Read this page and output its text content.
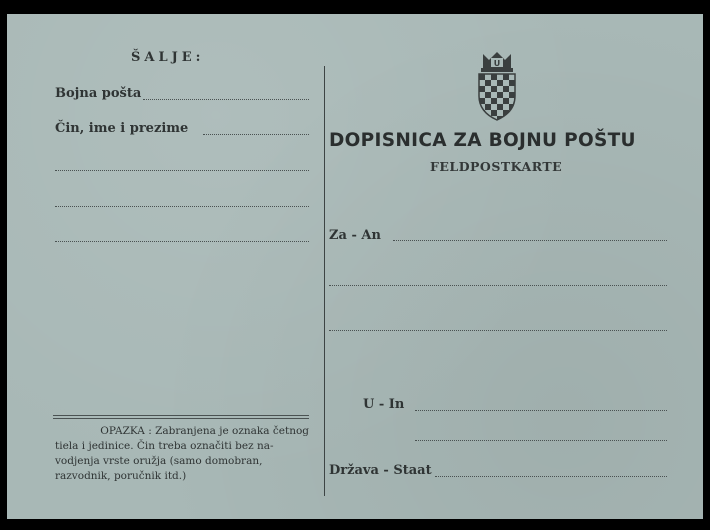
ŠALJE:
Bojna pošta
Čin, ime i prezime
OPAZKA : Zabranjena je oznaka četnog
tiela i jedinice. Čin treba označiti bez na-
vodjenja vrste oružja (samo domobran,
razvodnik, poručnik itd.)
U
DOPISNICA ZA BOJNU POŠTU
FELDPOSTKARTE
Za - An
U - In
Država - Staat
